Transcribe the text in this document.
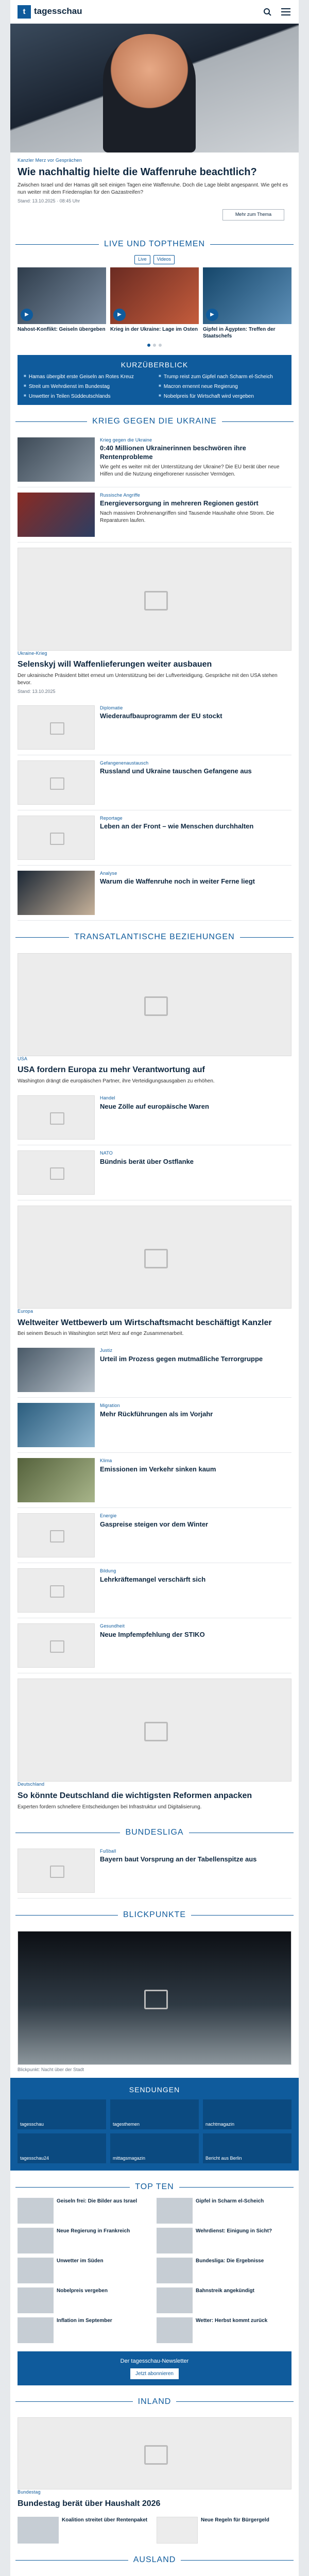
t tagesschau
Kanzler Merz vor Gesprächen
Wie nachhaltig hielte die Waffenruhe beachtlich?
Zwischen Israel und der Hamas gilt seit einigen Tagen eine Waffenruhe. Doch die Lage bleibt angespannt. Wie geht es nun weiter mit dem Friedensplan für den Gazastreifen?
Stand: 13.10.2025 · 08:45 Uhr
Mehr zum Thema
LIVE UND TOPTHEMEN
Live	Videos
▶
Nahost-Konflikt: Geiseln übergeben
▶
Krieg in der Ukraine: Lage im Osten
▶
Gipfel in Ägypten: Treffen der Staatschefs
KURZÜBERBLICK
■ Hamas übergibt erste Geiseln an Rotes Kreuz	■ Trump reist zum Gipfel nach Scharm el-Scheich
■ Streit um Wehrdienst im Bundestag	■ Macron ernennt neue Regierung
■ Unwetter in Teilen Süddeutschlands	■ Nobelpreis für Wirtschaft wird vergeben
KRIEG GEGEN DIE UKRAINE
Krieg gegen die Ukraine
0:40 Millionen Ukrainerinnen beschwören ihre Rentenprobleme
Wie geht es weiter mit der Unterstützung der Ukraine? Die EU berät über neue Hilfen und die Nutzung eingefrorener russischer Vermögen.
Russische Angriffe
Energieversorgung in mehreren Regionen gestört
Nach massiven Drohnenangriffen sind Tausende Haushalte ohne Strom. Die Reparaturen laufen.
Ukraine-Krieg
Selenskyj will Waffenlieferungen weiter ausbauen
Der ukrainische Präsident bittet erneut um Unterstützung bei der Luftverteidigung. Gespräche mit den USA stehen bevor.
Stand: 13.10.2025
Diplomatie
Wiederaufbauprogramm der EU stockt
Gefangenenaustausch
Russland und Ukraine tauschen Gefangene aus
Reportage
Leben an der Front – wie Menschen durchhalten
Analyse
Warum die Waffenruhe noch in weiter Ferne liegt
TRANSATLANTISCHE BEZIEHUNGEN
USA
USA fordern Europa zu mehr Verantwortung auf
Washington drängt die europäischen Partner, ihre Verteidigungsausgaben zu erhöhen.
Handel
Neue Zölle auf europäische Waren
NATO
Bündnis berät über Ostflanke
Europa
Weltweiter Wettbewerb um Wirtschaftsmacht beschäftigt Kanzler
Bei seinem Besuch in Washington setzt Merz auf enge Zusammenarbeit.
Justiz
Urteil im Prozess gegen mutmaßliche Terrorgruppe
Migration
Mehr Rückführungen als im Vorjahr
Klima
Emissionen im Verkehr sinken kaum
Energie
Gaspreise steigen vor dem Winter
Bildung
Lehrkräftemangel verschärft sich
Gesundheit
Neue Impfempfehlung der STIKO
Deutschland
So könnte Deutschland die wichtigsten Reformen anpacken
Experten fordern schnellere Entscheidungen bei Infrastruktur und Digitalisierung.
BUNDESLIGA
Fußball
Bayern baut Vorsprung an der Tabellenspitze aus
BLICKPUNKTE
Blickpunkt: Nacht über der Stadt
SENDUNGEN
tagesschau	tagesthemen	nachtmagazin
tagesschau24	mittagsmagazin	Bericht aus Berlin
TOP TEN
Geiseln frei: Die Bilder aus Israel	Gipfel in Scharm el-Scheich
Neue Regierung in Frankreich	Wehrdienst: Einigung in Sicht?
Unwetter im Süden	Bundesliga: Die Ergebnisse
Nobelpreis vergeben	Bahnstreik angekündigt
Inflation im September	Wetter: Herbst kommt zurück
Der tagesschau-Newsletter
Jetzt abonnieren
INLAND
Bundestag
Bundestag berät über Haushalt 2026
Koalition streitet über Rentenpaket	Neue Regeln für Bürgergeld
AUSLAND
